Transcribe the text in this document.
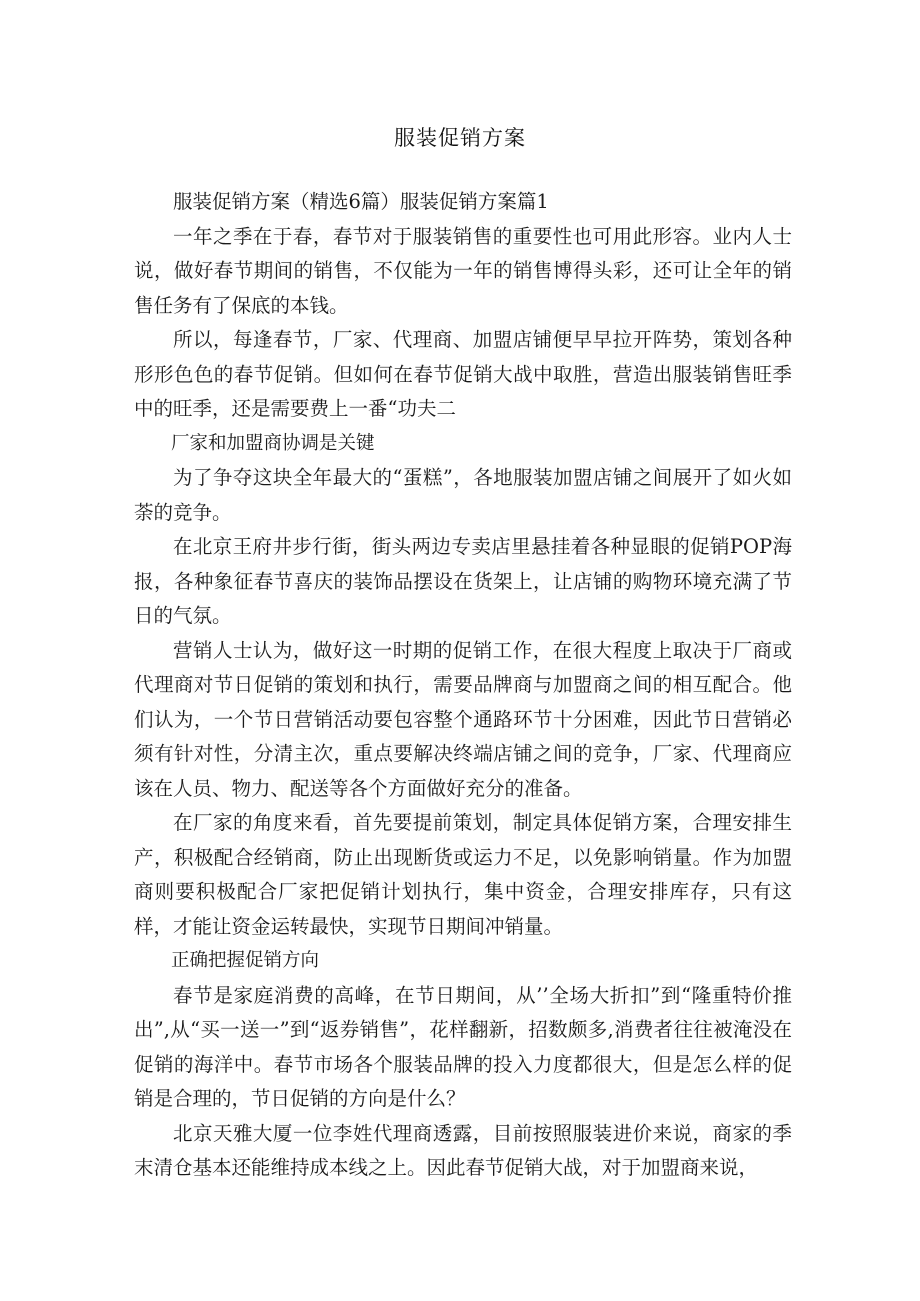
服装促销方案

服装促销方案（精选6篇）服装促销方案篇1

一年之季在于春，春节对于服装销售的重要性也可用此形容。业内人士说，做好春节期间的销售，不仅能为一年的销售博得头彩，还可让全年的销售任务有了保底的本钱。

所以，每逢春节，厂家、代理商、加盟店铺便早早拉开阵势，策划各种形形色色的春节促销。但如何在春节促销大战中取胜，营造出服装销售旺季中的旺季，还是需要费上一番“功夫二

厂家和加盟商协调是关键

为了争夺这块全年最大的“蛋糕”，各地服装加盟店铺之间展开了如火如荼的竞争。

在北京王府井步行街，街头两边专卖店里悬挂着各种显眼的促销POP海报，各种象征春节喜庆的装饰品摆设在货架上，让店铺的购物环境充满了节日的气氛。

营销人士认为，做好这一时期的促销工作，在很大程度上取决于厂商或代理商对节日促销的策划和执行，需要品牌商与加盟商之间的相互配合。他们认为，一个节日营销活动要包容整个通路环节十分困难，因此节日营销必须有针对性，分清主次，重点要解决终端店铺之间的竞争，厂家、代理商应该在人员、物力、配送等各个方面做好充分的准备。

在厂家的角度来看，首先要提前策划，制定具体促销方案，合理安排生产，积极配合经销商，防止出现断货或运力不足，以免影响销量。作为加盟商则要积极配合厂家把促销计划执行，集中资金，合理安排库存，只有这样，才能让资金运转最快，实现节日期间冲销量。

正确把握促销方向

春节是家庭消费的高峰，在节日期间，从’’全场大折扣”到“隆重特价推出”,从“买一送一”到“返券销售”，花样翻新，招数颇多,消费者往往被淹没在促销的海洋中。春节市场各个服装品牌的投入力度都很大，但是怎么样的促销是合理的，节日促销的方向是什么？

北京天雅大厦一位李姓代理商透露，目前按照服装进价来说，商家的季末清仓基本还能维持成本线之上。因此春节促销大战，对于加盟商来说，
